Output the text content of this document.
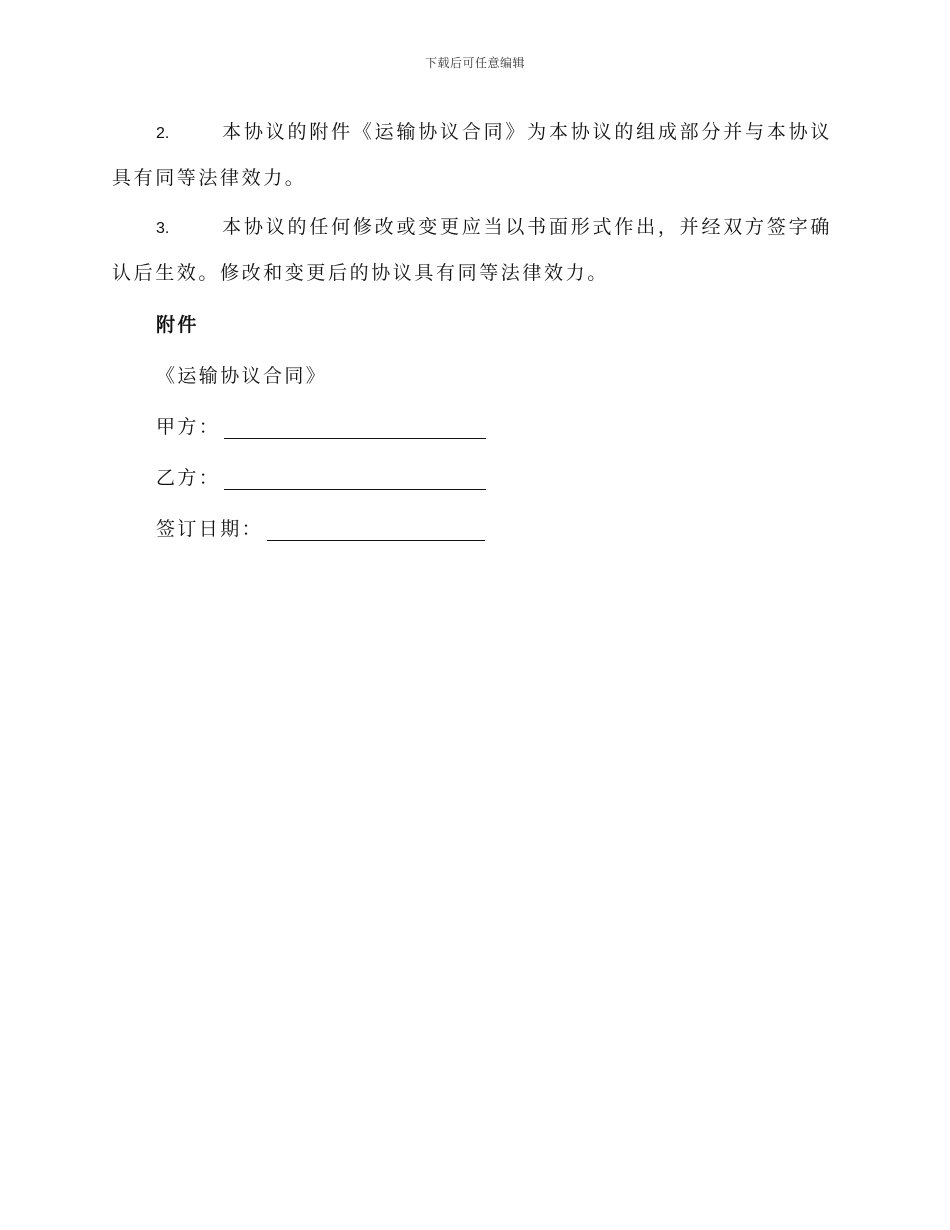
下载后可任意编辑

2.	本协议的附件《运输协议合同》为本协议的组成部分并与本协议具有同等法律效力。

3.	本协议的任何修改或变更应当以书面形式作出，并经双方签字确认后生效。修改和变更后的协议具有同等法律效力。

附件
《运输协议合同》
甲方：
乙方：
签订日期：
